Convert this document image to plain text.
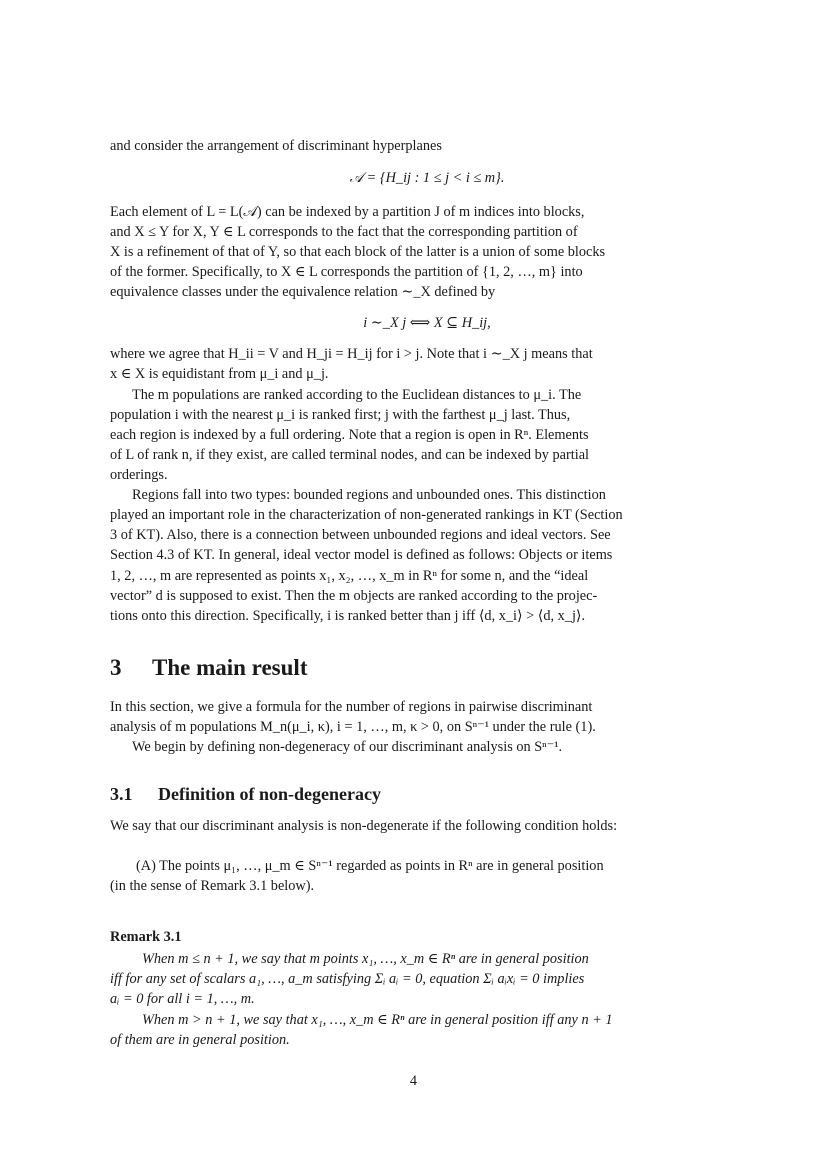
and consider the arrangement of discriminant hyperplanes
𝒜 = {H_ij : 1 ≤ j < i ≤ m}.
Each element of L = L(𝒜) can be indexed by a partition J of m indices into blocks,
and X ≤ Y for X, Y ∈ L corresponds to the fact that the corresponding partition of
X is a refinement of that of Y, so that each block of the latter is a union of some blocks
of the former. Specifically, to X ∈ L corresponds the partition of {1, 2, …, m} into
equivalence classes under the equivalence relation ∼_X defined by
i ∼_X j ⟺ X ⊆ H_ij,
where we agree that H_ii = V and H_ji = H_ij for i > j. Note that i ∼_X j means that
x ∈ X is equidistant from μ_i and μ_j.
The m populations are ranked according to the Euclidean distances to μ_i. The
population i with the nearest μ_i is ranked first; j with the farthest μ_j last. Thus,
each region is indexed by a full ordering. Note that a region is open in Rⁿ. Elements
of L of rank n, if they exist, are called terminal nodes, and can be indexed by partial
orderings.
Regions fall into two types: bounded regions and unbounded ones. This distinction
played an important role in the characterization of non-generated rankings in KT (Section
3 of KT). Also, there is a connection between unbounded regions and ideal vectors. See
Section 4.3 of KT. In general, ideal vector model is defined as follows: Objects or items
1, 2, …, m are represented as points x₁, x₂, …, x_m in Rⁿ for some n, and the “ideal
vector” d is supposed to exist. Then the m objects are ranked according to the projec-
tions onto this direction. Specifically, i is ranked better than j iff ⟨d, x_i⟩ > ⟨d, x_j⟩.
3 The main result
In this section, we give a formula for the number of regions in pairwise discriminant
analysis of m populations M_n(μ_i, κ), i = 1, …, m, κ > 0, on Sⁿ⁻¹ under the rule (1).
We begin by defining non-degeneracy of our discriminant analysis on Sⁿ⁻¹.
3.1 Definition of non-degeneracy
We say that our discriminant analysis is non-degenerate if the following condition holds:
(A) The points μ₁, …, μ_m ∈ Sⁿ⁻¹ regarded as points in Rⁿ are in general position
(in the sense of Remark 3.1 below).
Remark 3.1
When m ≤ n + 1, we say that m points x₁, …, x_m ∈ Rⁿ are in general position
iff for any set of scalars a₁, …, a_m satisfying Σᵢ aᵢ = 0, equation Σᵢ aᵢxᵢ = 0 implies
aᵢ = 0 for all i = 1, …, m.
When m > n + 1, we say that x₁, …, x_m ∈ Rⁿ are in general position iff any n + 1
of them are in general position.
4
